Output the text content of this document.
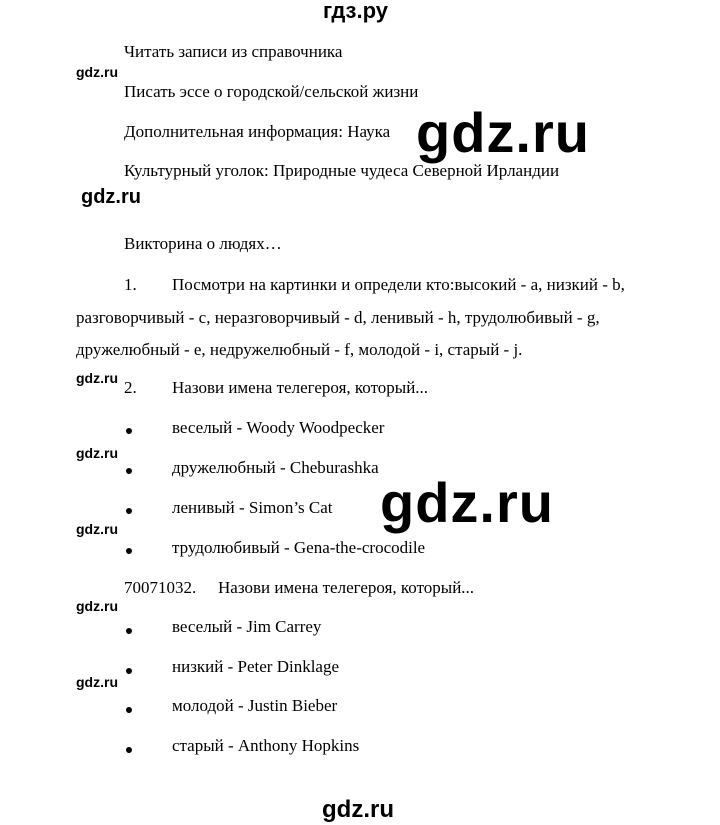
гдз.ру
Читать записи из справочника
gdz.ru
Писать эссе о городской/сельской жизни
Дополнительная информация: Наука gdz.ru
Культурный уголок: Природные чудеса Северной Ирландии
gdz.ru
Викторина о людях…
1. Посмотри на картинки и определи кто:высокий - a, низкий - b,
разговорчивый - c, неразговорчивый - d, ленивый - h, трудолюбивый - g,
дружелюбный - e, недружелюбный - f, молодой - i, старый - j.
gdz.ru 2. Назови имена телегероя, который...
веселый - Woody Woodpecker
gdz.ru
дружелюбный - Cheburashka
gdz.ru
ленивый - Simon’s Cat
gdz.ru
трудолюбивый - Gena-the-crocodile
70071032. Назови имена телегероя, который...
gdz.ru
веселый - Jim Carrey
низкий - Peter Dinklage
gdz.ru
молодой - Justin Bieber
старый - Anthony Hopkins
gdz.ru
